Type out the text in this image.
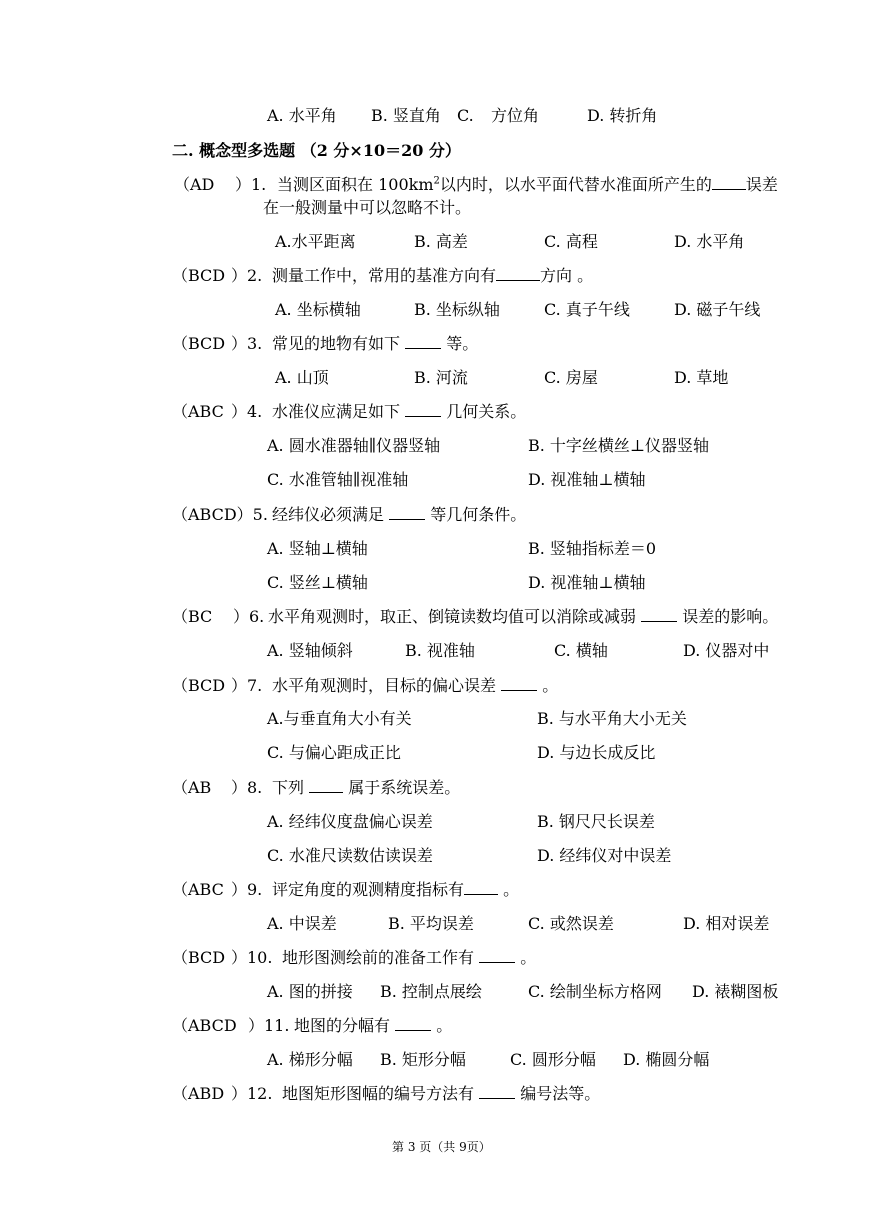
A. 水平角 B. 竖直角 C. 方位角	D. 转折角
二. 概念型多选题 （2 分×10＝20 分）
（AD ）1. 当测区面积在 $100km^2$以内时，以水平面代替水准面所产生的 误差
在一般测量中可以忽略不计。
A.水平距离	B. 高差	C. 高程	D. 水平角
（BCD ）2. 测量工作中，常用的基准方向有	方向 。
A. 坐标横轴	B. 坐标纵轴	C. 真子午线	D. 磁子午线
（BCD ）3. 常见的地物有如下	等。
A. 山顶	B. 河流	C. 房屋	D. 草地
（ABC ）4. 水准仪应满足如下	几何关系。
A. 圆水准器轴∥仪器竖轴	B. 十字丝横丝⊥仪器竖轴
C. 水准管轴∥视准轴	D. 视准轴⊥横轴
（ABCD）5. 经纬仪必须满足	等几何条件。
A. 竖轴⊥横轴	B. 竖轴指标差＝0
C. 竖丝⊥横轴	D. 视准轴⊥横轴
（BC ）6. 水平角观测时，取正、倒镜读数均值可以消除或减弱	误差的影响。
A. 竖轴倾斜	B. 视准轴	C. 横轴	D. 仪器对中
（BCD ）7. 水平角观测时，目标的偏心误差	。
A.与垂直角大小有关	B. 与水平角大小无关
C. 与偏心距成正比	D. 与边长成反比
（AB ）8. 下列	属于系统误差。
A. 经纬仪度盘偏心误差	B. 钢尺尺长误差
C. 水准尺读数估读误差	D. 经纬仪对中误差
（ABC ）9. 评定角度的观测精度指标有 。
A. 中误差	B. 平均误差	C. 或然误差	D. 相对误差
（BCD ）10. 地形图测绘前的准备工作有	。
A. 图的拼接 B. 控制点展绘	C. 绘制坐标方格网 D. 裱糊图板
（ABCD ）11. 地图的分幅有	。
A. 梯形分幅 B. 矩形分幅	C. 圆形分幅 D. 椭圆分幅
（ABD ）12. 地图矩形图幅的编号方法有	编号法等。
第 3 页（共 9页）
